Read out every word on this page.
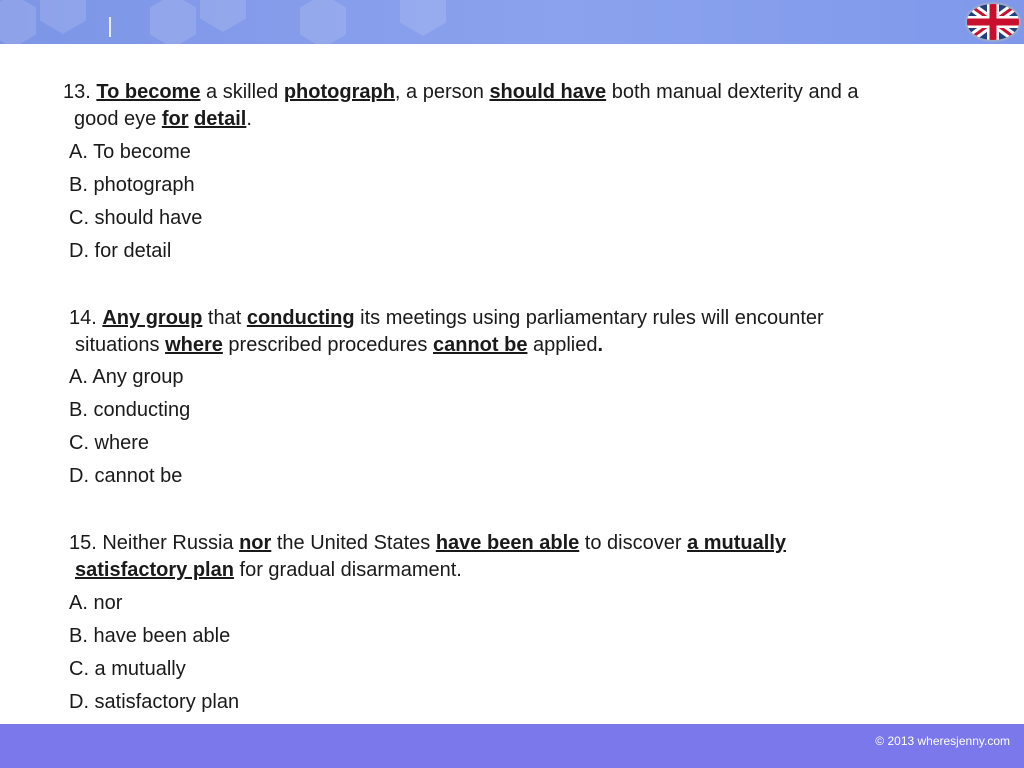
13. To become a skilled photograph, a person should have both manual dexterity and a
good eye for detail.
A. To become
B. photograph
C. should have
D. for detail
14. Any group that conducting its meetings using parliamentary rules will encounter
situations where prescribed procedures cannot be applied.
A. Any group
B. conducting
C. where
D. cannot be
15. Neither Russia nor the United States have been able to discover a mutually
satisfactory plan for gradual disarmament.
A. nor
B. have been able
C. a mutually
D. satisfactory plan
© 2013 wheresjenny.com
